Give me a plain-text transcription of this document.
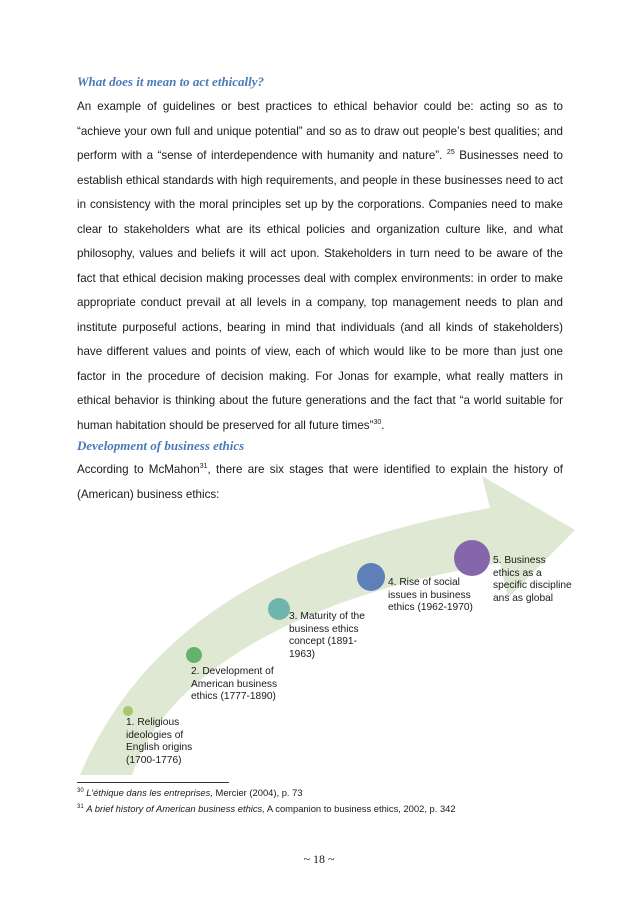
What does it mean to act ethically?

An example of guidelines or best practices to ethical behavior could be: acting so as to “achieve your own full and unique potential” and so as to draw out people’s best qualities; and perform with a “sense of interdependence with humanity and nature”. $^{25}$ Businesses need to establish ethical standards with high requirements, and people in these businesses need to act in consistency with the moral principles set up by the corporations. Companies need to make clear to stakeholders what are its ethical policies and organization culture like, and what philosophy, values and beliefs it will act upon. Stakeholders in turn need to be aware of the fact that ethical decision making processes deal with complex environments: in order to make appropriate conduct prevail at all levels in a company, top management needs to plan and institute purposeful actions, bearing in mind that individuals (and all kinds of stakeholders) have different values and points of view, each of which would like to be more than just one factor in the procedure of decision making. For Jonas for example, what really matters in ethical behavior is thinking about the future generations and the fact that “a world suitable for human habitation should be preserved for all future times”$^{30}$.

Development of business ethics

According to McMahon$^{31}$, there are six stages that were identified to explain the history of (American) business ethics:

1. Religious ideologies of English origins (1700-1776)

2. Development of American business ethics (1777-1890)

3. Maturity of the business ethics concept (1891-1963)

4. Rise of social issues in business ethics (1962-1970)

5. Business ethics as a specific discipline ans as global

$^{30}$ L’éthique dans les entreprises, Mercier (2004), p. 73

$^{31}$ A brief history of American business ethics, A companion to business ethics, 2002, p. 342

~ 18 ~
